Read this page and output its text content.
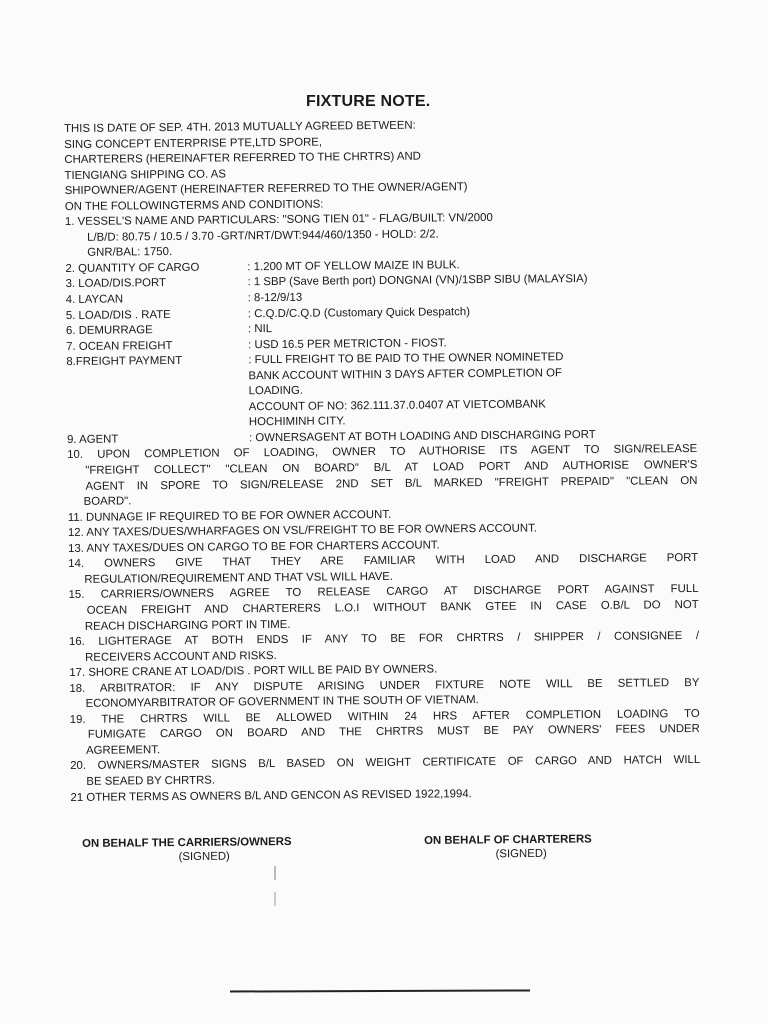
FIXTURE NOTE.
THIS IS DATE OF SEP. 4TH. 2013 MUTUALLY AGREED BETWEEN:
SING CONCEPT ENTERPRISE PTE,LTD SPORE,
CHARTERERS (HEREINAFTER REFERRED TO THE CHRTRS) AND
TIENGIANG SHIPPING CO. AS
SHIPOWNER/AGENT (HEREINAFTER REFERRED TO THE OWNER/AGENT)
ON THE FOLLOWINGTERMS AND CONDITIONS:
1. VESSEL'S NAME AND PARTICULARS: "SONG TIEN 01" - FLAG/BUILT: VN/2000
L/B/D: 80.75 / 10.5 / 3.70 -GRT/NRT/DWT:944/460/1350 - HOLD: 2/2.
GNR/BAL: 1750.
2. QUANTITY OF CARGO	: 1.200 MT OF YELLOW MAIZE IN BULK.
3. LOAD/DIS.PORT	: 1 SBP (Save Berth port) DONGNAI (VN)/1SBP SIBU (MALAYSIA)
4. LAYCAN	: 8-12/9/13
5. LOAD/DIS . RATE	: C.Q.D/C.Q.D (Customary Quick Despatch)
6. DEMURRAGE	: NIL
7. OCEAN FREIGHT	: USD 16.5 PER METRICTON - FIOST.
8.FREIGHT PAYMENT	: FULL FREIGHT TO BE PAID TO THE OWNER NOMINETED
BANK ACCOUNT WITHIN 3 DAYS AFTER COMPLETION OF
LOADING.
ACCOUNT OF NO: 362.111.37.0.0407 AT VIETCOMBANK
HOCHIMINH CITY.
9. AGENT	: OWNERSAGENT AT BOTH LOADING AND DISCHARGING PORT
10. UPON COMPLETION OF LOADING, OWNER TO AUTHORISE ITS AGENT TO SIGN/RELEASE
"FREIGHT COLLECT" "CLEAN ON BOARD" B/L AT LOAD PORT AND AUTHORISE OWNER'S
AGENT IN SPORE TO SIGN/RELEASE 2ND SET B/L MARKED "FREIGHT PREPAID" "CLEAN ON
BOARD".
11. DUNNAGE IF REQUIRED TO BE FOR OWNER ACCOUNT.
12. ANY TAXES/DUES/WHARFAGES ON VSL/FREIGHT TO BE FOR OWNERS ACCOUNT.
13. ANY TAXES/DUES ON CARGO TO BE FOR CHARTERS ACCOUNT.
14. OWNERS GIVE THAT THEY ARE FAMILIAR WITH LOAD AND DISCHARGE PORT
REGULATION/REQUIREMENT AND THAT VSL WILL HAVE.
15. CARRIERS/OWNERS AGREE TO RELEASE CARGO AT DISCHARGE PORT AGAINST FULL
OCEAN FREIGHT AND CHARTERERS L.O.I WITHOUT BANK GTEE IN CASE O.B/L DO NOT
REACH DISCHARGING PORT IN TIME.
16. LIGHTERAGE AT BOTH ENDS IF ANY TO BE FOR CHRTRS / SHIPPER / CONSIGNEE /
RECEIVERS ACCOUNT AND RISKS.
17. SHORE CRANE AT LOAD/DIS . PORT WILL BE PAID BY OWNERS.
18. ARBITRATOR: IF ANY DISPUTE ARISING UNDER FIXTURE NOTE WILL BE SETTLED BY
ECONOMYARBITRATOR OF GOVERNMENT IN THE SOUTH OF VIETNAM.
19. THE CHRTRS WILL BE ALLOWED WITHIN 24 HRS AFTER COMPLETION LOADING TO
FUMIGATE CARGO ON BOARD AND THE CHRTRS MUST BE PAY OWNERS' FEES UNDER
AGREEMENT.
20. OWNERS/MASTER SIGNS B/L BASED ON WEIGHT CERTIFICATE OF CARGO AND HATCH WILL
BE SEAED BY CHRTRS.
21 OTHER TERMS AS OWNERS B/L AND GENCON AS REVISED 1922,1994.
ON BEHALF THE CARRIERS/OWNERS
(SIGNED)
ON BEHALF OF CHARTERERS
(SIGNED)
